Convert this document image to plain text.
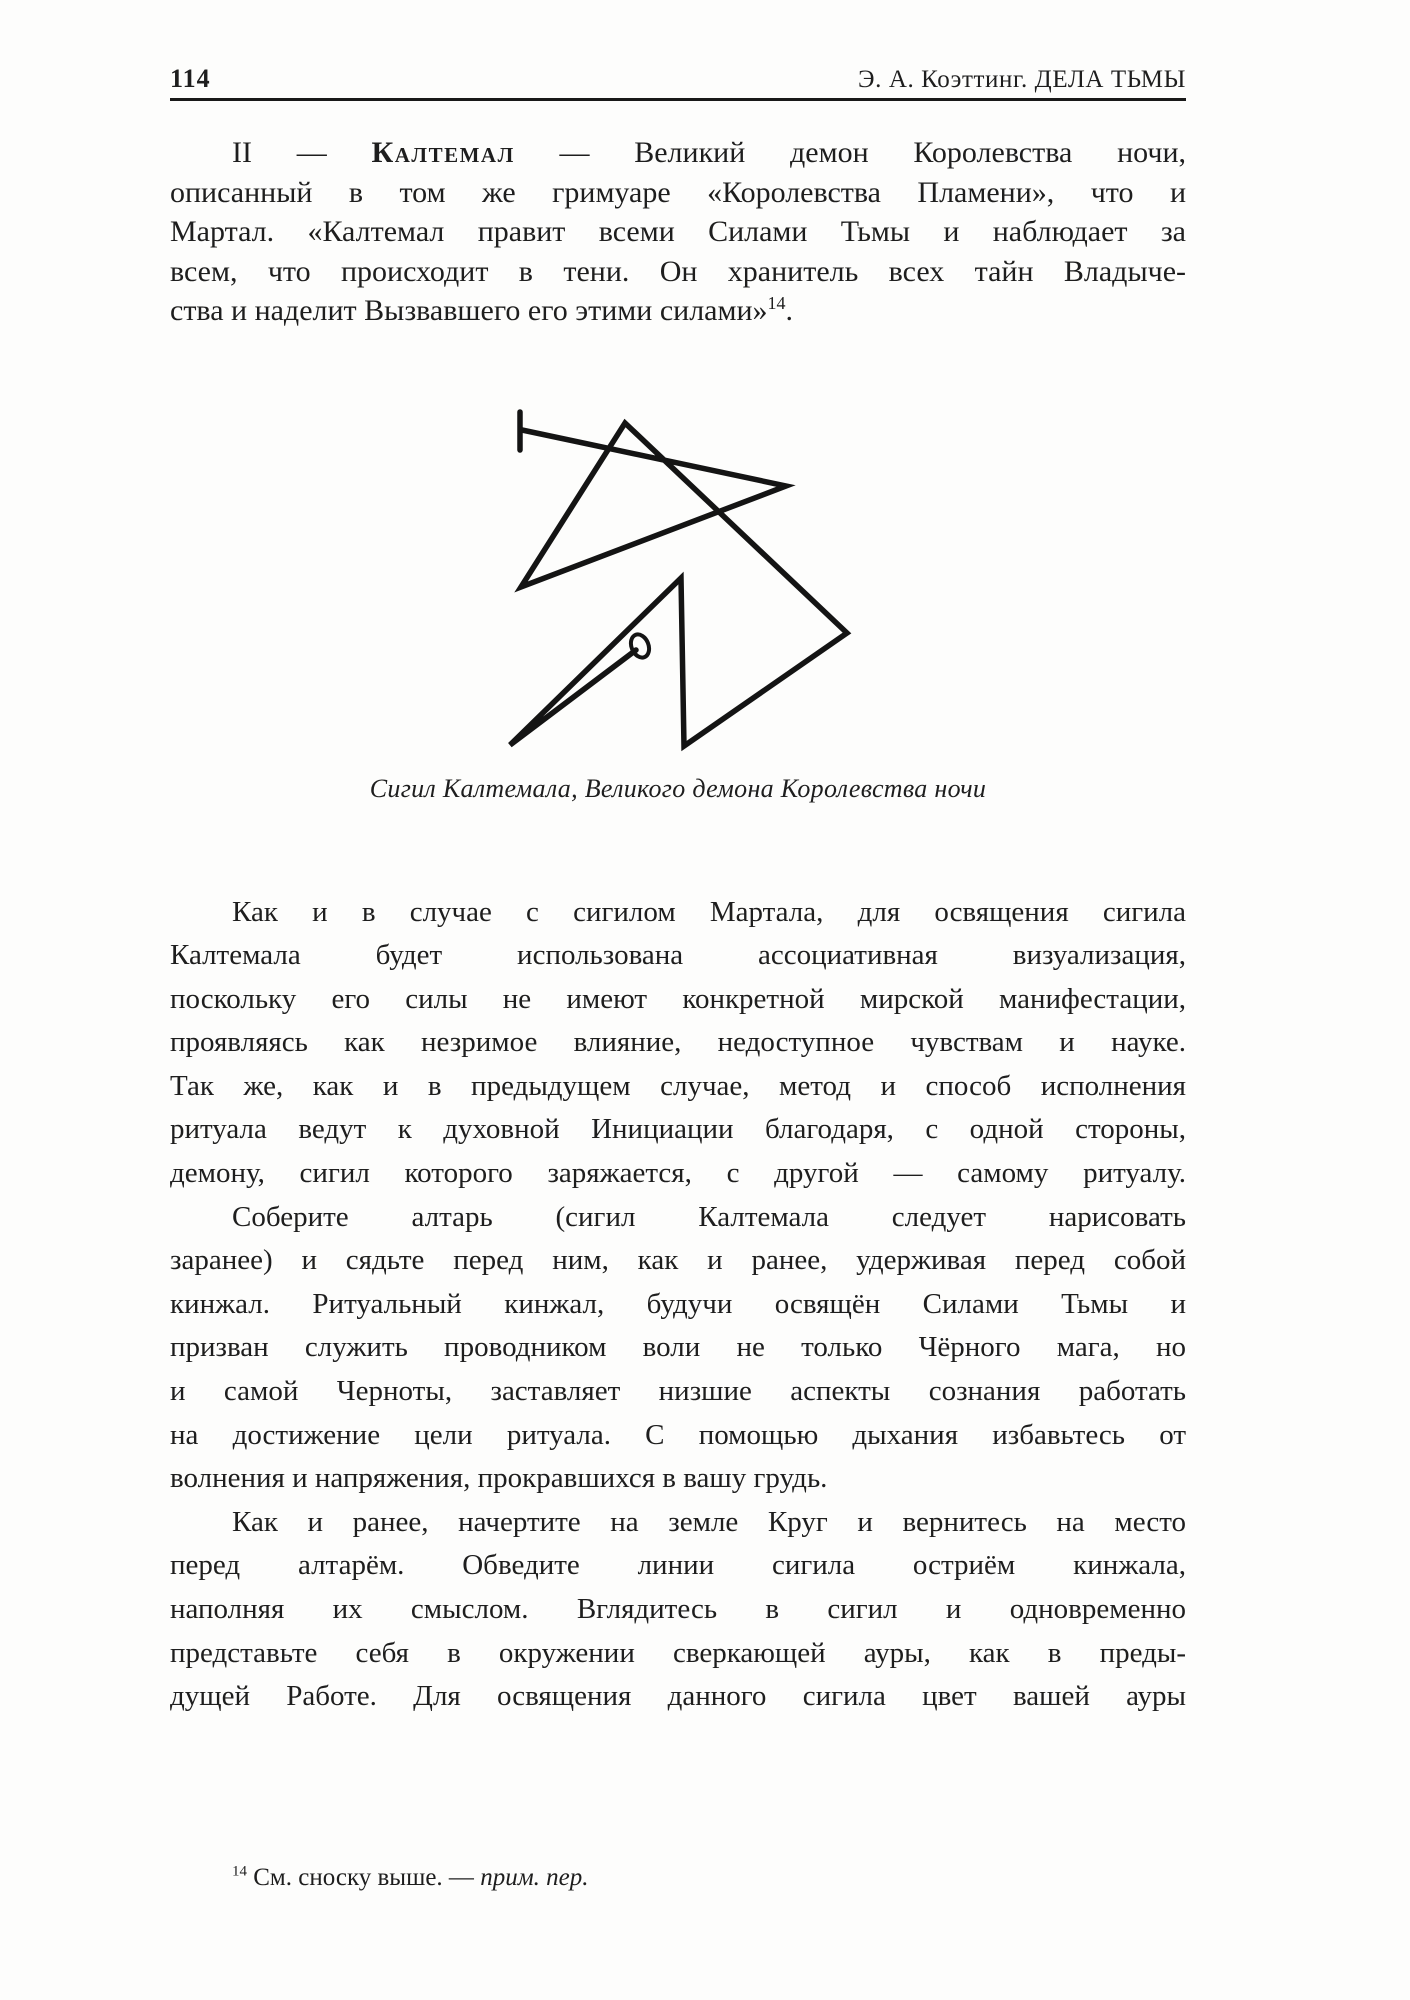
114	Э. А. Коэттинг. ДЕЛА ТЬМЫ
II — Калтемал — Великий демон Королевства ночи,
описанный в том же гримуаре «Королевства Пламени», что и
Мартал. «Калтемал правит всеми Силами Тьмы и наблюдает за
всем, что происходит в тени. Он хранитель всех тайн Владыче-
ства и наделит Вызвавшего его этими силами»$^{14}$.
Сигил Калтемала, Великого демона Королевства ночи
Как и в случае с сигилом Мартала, для освящения сигила
Калтемала будет использована ассоциативная визуализация,
поскольку его силы не имеют конкретной мирской манифестации,
проявляясь как незримое влияние, недоступное чувствам и науке.
Так же, как и в предыдущем случае, метод и способ исполнения
ритуала ведут к духовной Инициации благодаря, с одной стороны,
демону, сигил которого заряжается, с другой — самому ритуалу.
Соберите алтарь (сигил Калтемала следует нарисовать
заранее) и сядьте перед ним, как и ранее, удерживая перед собой
кинжал. Ритуальный кинжал, будучи освящён Силами Тьмы и
призван служить проводником воли не только Чёрного мага, но
и самой Черноты, заставляет низшие аспекты сознания работать
на достижение цели ритуала. С помощью дыхания избавьтесь от
волнения и напряжения, прокравшихся в вашу грудь.
Как и ранее, начертите на земле Круг и вернитесь на место
перед алтарём. Обведите линии сигила остриём кинжала,
наполняя их смыслом. Вглядитесь в сигил и одновременно
представьте себя в окружении сверкающей ауры, как в преды-
дущей Работе. Для освящения данного сигила цвет вашей ауры
$^{14}$ См. сноску выше. — прим. пер.
